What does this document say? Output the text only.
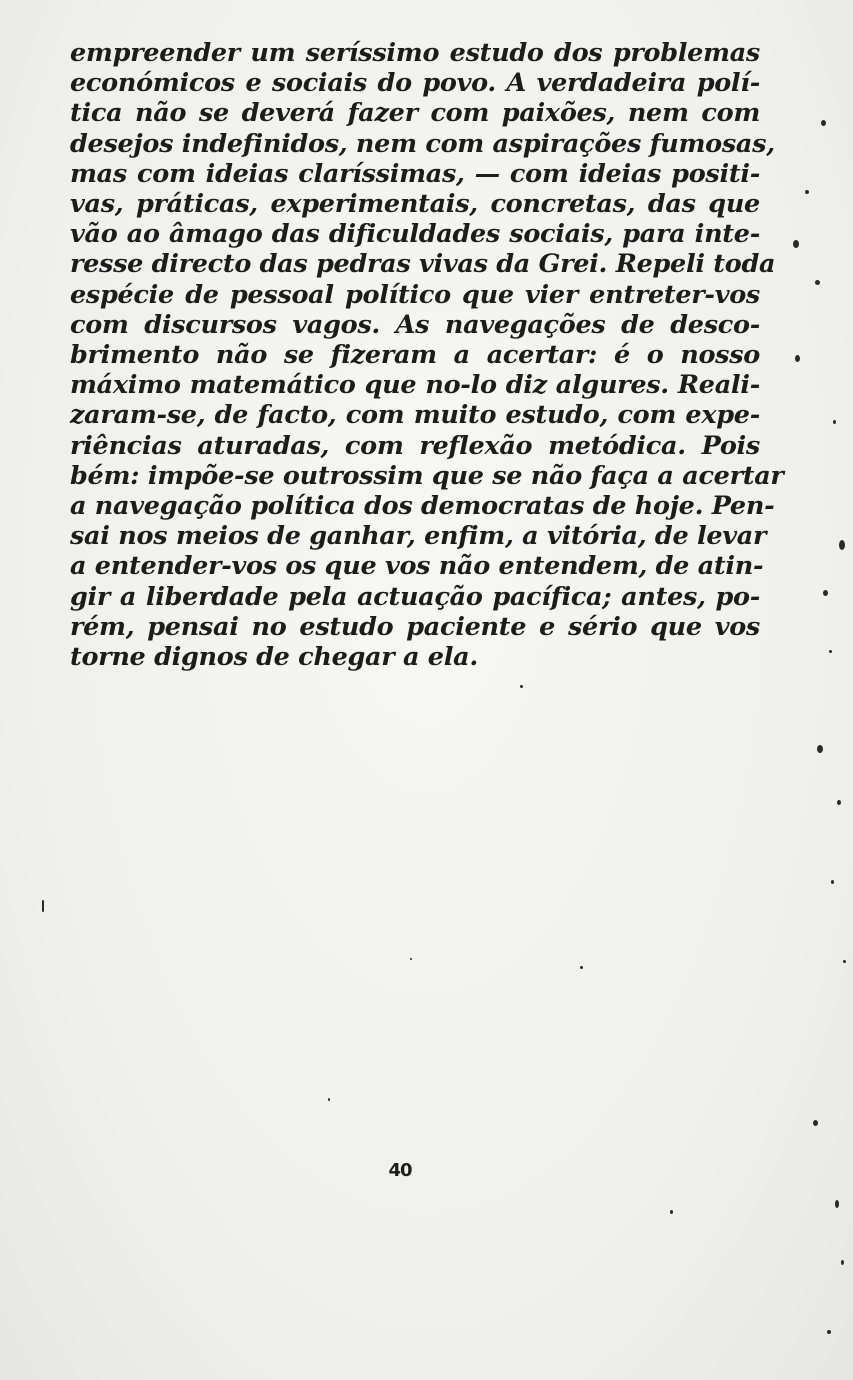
empreender um seríssimo estudo dos problemas
económicos e sociais do povo. A verdadeira polí-
tica não se deverá fazer com paixões, nem com
desejos indefinidos, nem com aspirações fumosas,
mas com ideias claríssimas, — com ideias positi-
vas, práticas, experimentais, concretas, das que
vão ao âmago das dificuldades sociais, para inte-
resse directo das pedras vivas da Grei. Repeli toda
espécie de pessoal político que vier entreter-vos
com discursos vagos. As navegações de desco-
brimento não se fizeram a acertar: é o nosso
máximo matemático que no-lo diz algures. Reali-
zaram-se, de facto, com muito estudo, com expe-
riências aturadas, com reflexão metódica. Pois
bém: impõe-se outrossim que se não faça a acertar
a navegação política dos democratas de hoje. Pen-
sai nos meios de ganhar, enfim, a vitória, de levar
a entender-vos os que vos não entendem, de atin-
gir a liberdade pela actuação pacífica; antes, po-
rém, pensai no estudo paciente e sério que vos
torne dignos de chegar a ela.
40
